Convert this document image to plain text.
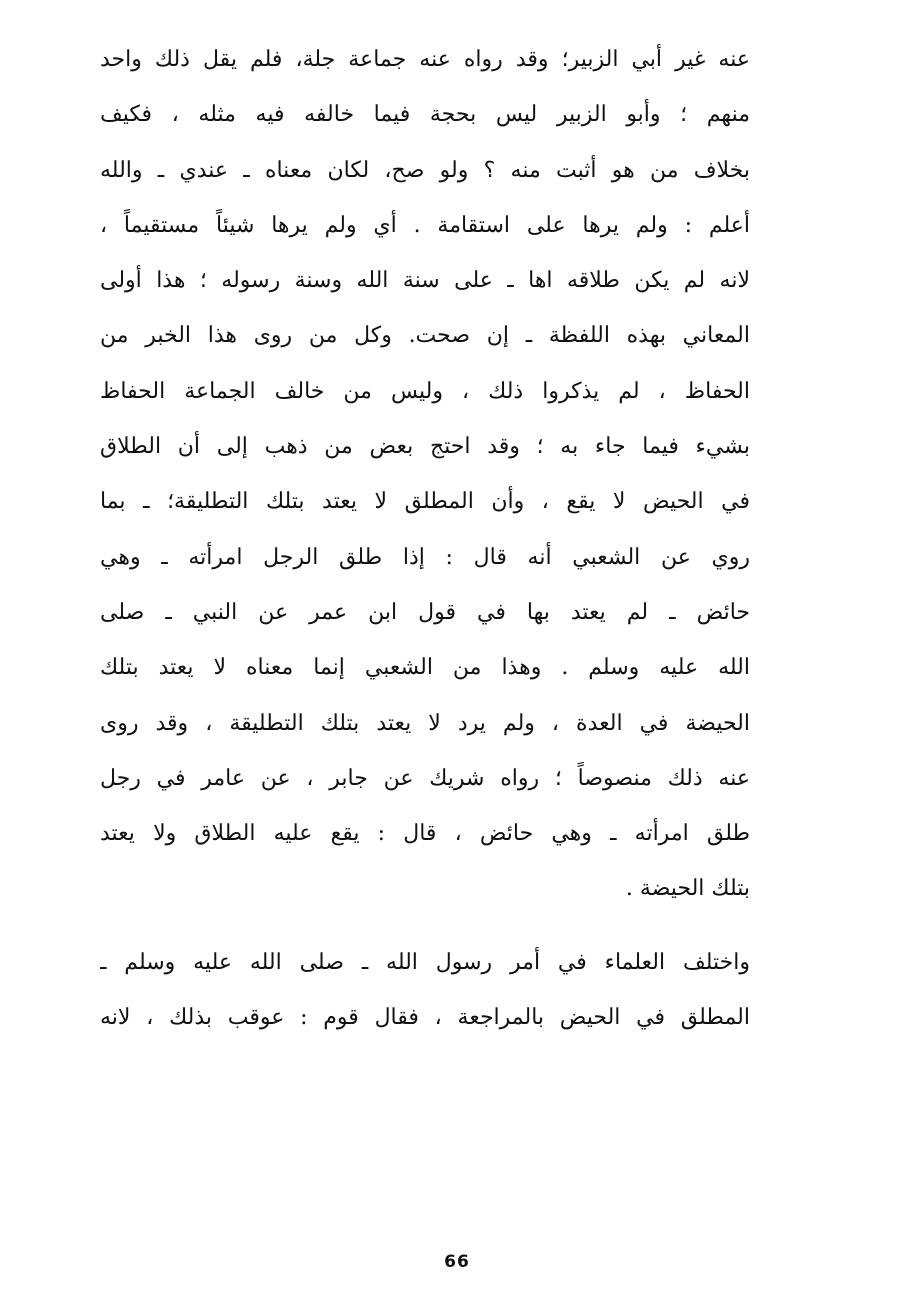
عنه غير أبي الزبير؛ وقد رواه عنه جماعة جلة، فلم يقل ذلك واحد
منهم ؛ وأبو الزبير ليس بحجة فيما خالفه فيه مثله ، فكيف
بخلاف من هو أثبت منه ؟ ولو صح، لكان معناه ـ عندي ـ والله
أعلم : ولم يرها على استقامة . أي ولم يرها شيئاً مستقيماً ،
لانه لم يكن طلاقه اها ـ على سنة الله وسنة رسوله ؛ هذا أولى
المعاني بهذه اللفظة ـ إن صحت. وكل من روى هذا الخبر من
الحفاظ ، لم يذكروا ذلك ، وليس من خالف الجماعة الحفاظ
بشيء فيما جاء به ؛ وقد احتج بعض من ذهب إلى أن الطلاق
في الحيض لا يقع ، وأن المطلق لا يعتد بتلك التطليقة؛ ـ بما
روي عن الشعبي أنه قال : إذا طلق الرجل امرأته ـ وهي
حائض ـ لم يعتد بها في قول ابن عمر عن النبي ـ صلى
الله عليه وسلم . وهذا من الشعبي إنما معناه لا يعتد بتلك
الحيضة في العدة ، ولم يرد لا يعتد بتلك التطليقة ، وقد روى
عنه ذلك منصوصاً ؛ رواه شريك عن جابر ، عن عامر في رجل
طلق امرأته ـ وهي حائض ، قال : يقع عليه الطلاق ولا يعتد
بتلك الحيضة .
واختلف العلماء في أمر رسول الله ـ صلى الله عليه وسلم ـ
المطلق في الحيض بالمراجعة ، فقال قوم : عوقب بذلك ، لانه
66
